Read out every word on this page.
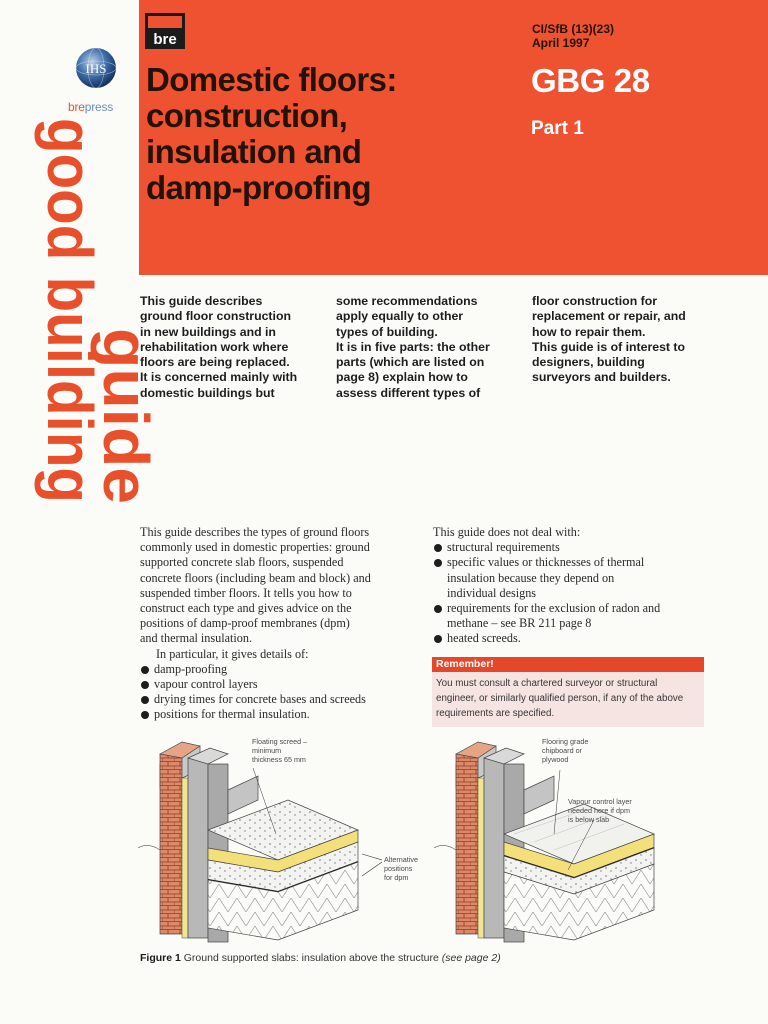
good building
guide
IHS
brepress
bre
Domestic floors:
construction,
insulation and
damp-proofing
CI/SfB (13)(23)
April 1997
GBG 28
Part 1
This guide describes
ground floor construction
in new buildings and in
rehabilitation work where
floors are being replaced.
It is concerned mainly with
domestic buildings but
some recommendations
apply equally to other
types of building.
It is in five parts: the other
parts (which are listed on
page 8) explain how to
assess different types of
floor construction for
replacement or repair, and
how to repair them.
This guide is of interest to
designers, building
surveyors and builders.
This guide describes the types of ground floors
commonly used in domestic properties: ground
supported concrete slab floors, suspended
concrete floors (including beam and block) and
suspended timber floors. It tells you how to
construct each type and gives advice on the
positions of damp-proof membranes (dpm)
and thermal insulation.

In particular, it gives details of:

damp-proofing
vapour control layers
drying times for concrete bases and screeds
positions for thermal insulation.

This guide does not deal with:

structural requirements
specific values or thicknesses of thermal
insulation because they depend on
individual designs
requirements for the exclusion of radon and
methane – see BR 211 page 8
heated screeds.
Remember!
You must consult a chartered surveyor or structural
engineer, or similarly qualified person, if any of the above
requirements are specified.
Floating screed – minimum thickness 65 mm
Alternative positions for dpm
Flooring grade chipboard or plywood
Vapour control layer needed here if dpm is below slab
Figure 1 Ground supported slabs: insulation above the structure (see page 2)
